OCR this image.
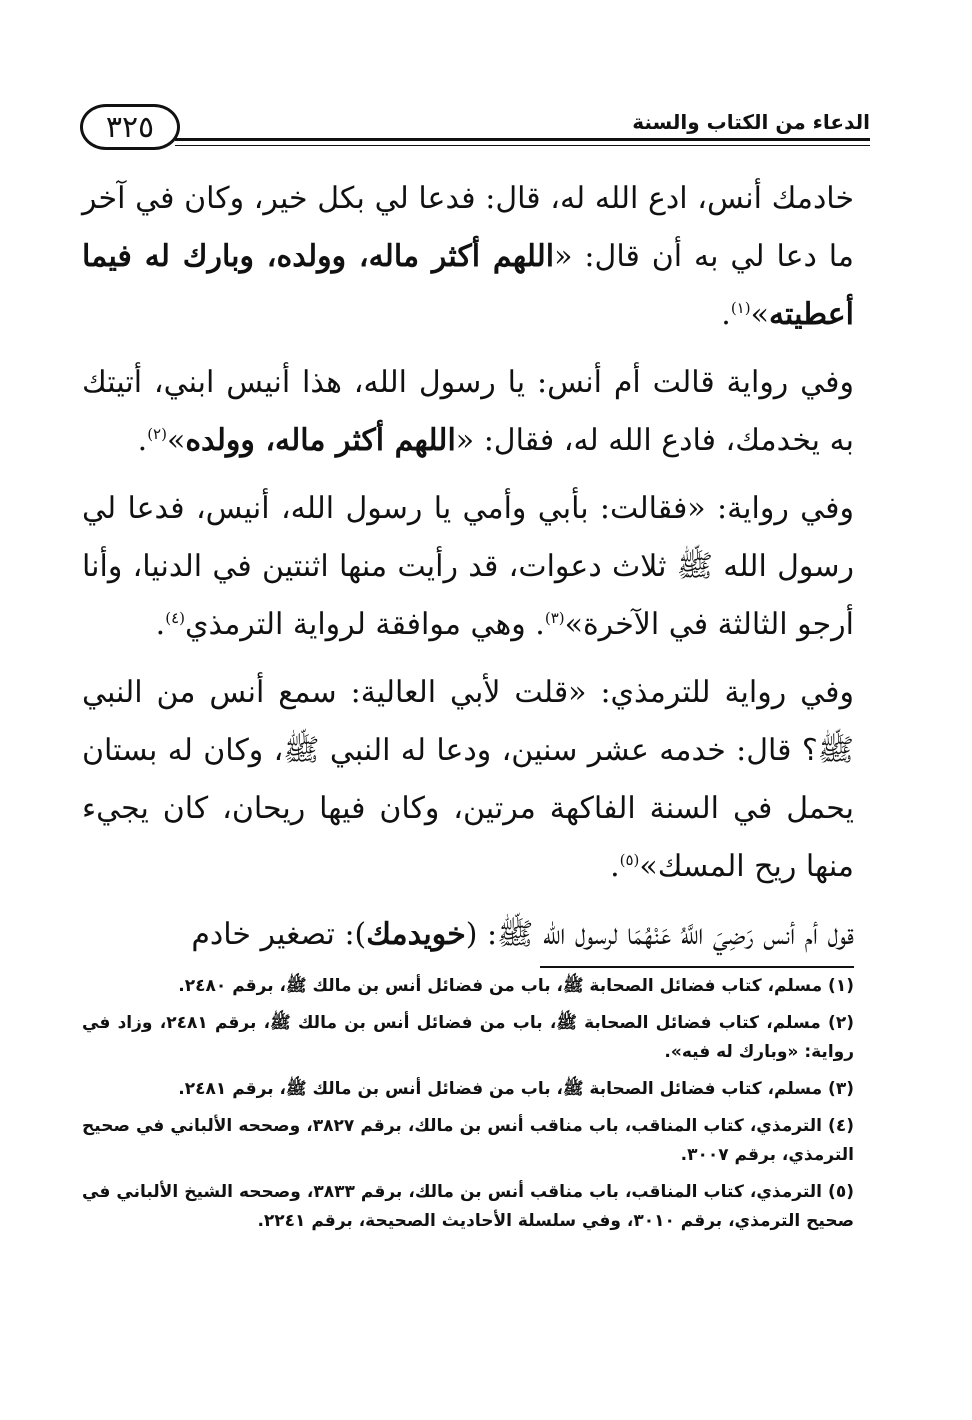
الدعاء من الكتاب والسنة
٣٢٥

خادمك أنس، ادع الله له، قال: فدعا لي بكل خير، وكان في آخر ما دعا لي به أن قال: «اللهم أكثر ماله، وولده، وبارك له فيما أعطيته»$^{(١)}$.

وفي رواية قالت أم أنس: يا رسول الله، هذا أنيس ابني، أتيتك به يخدمك، فادع الله له، فقال: «اللهم أكثر ماله، وولده»$^{(٢)}$.

وفي رواية: «فقالت: بأبي وأمي يا رسول الله، أنيس، فدعا لي رسول الله ﷺ ثلاث دعوات، قد رأيت منها اثنتين في الدنيا، وأنا أرجو الثالثة في الآخرة»$^{(٣)}$. وهي موافقة لرواية الترمذي$^{(٤)}$.

وفي رواية للترمذي: «قلت لأبي العالية: سمع أنس من النبي ﷺ؟ قال: خدمه عشر سنين، ودعا له النبي ﷺ، وكان له بستان يحمل في السنة الفاكهة مرتين، وكان فيها ريحان، كان يجيء منها ريح المسك»$^{(٥)}$.

قول أم أنس رَضِيَ اللَّهُ عَنْهُمَا لرسول الله ﷺ: (خويدمك): تصغير خادم

(١) مسلم، كتاب فضائل الصحابة ﷺ، باب من فضائل أنس بن مالك ﷺ، برقم ٢٤٨٠.

(٢) مسلم، كتاب فضائل الصحابة ﷺ، باب من فضائل أنس بن مالك ﷺ، برقم ٢٤٨١، وزاد في رواية: «وبارك له فيه».

(٣) مسلم، كتاب فضائل الصحابة ﷺ، باب من فضائل أنس بن مالك ﷺ، برقم ٢٤٨١.

(٤) الترمذي، كتاب المناقب، باب مناقب أنس بن مالك، برقم ٣٨٢٧، وصححه الألباني في صحيح الترمذي، برقم ٣٠٠٧.

(٥) الترمذي، كتاب المناقب، باب مناقب أنس بن مالك، برقم ٣٨٣٣، وصححه الشيخ الألباني في صحيح الترمذي، برقم ٣٠١٠، وفي سلسلة الأحاديث الصحيحة، برقم ٢٢٤١.
